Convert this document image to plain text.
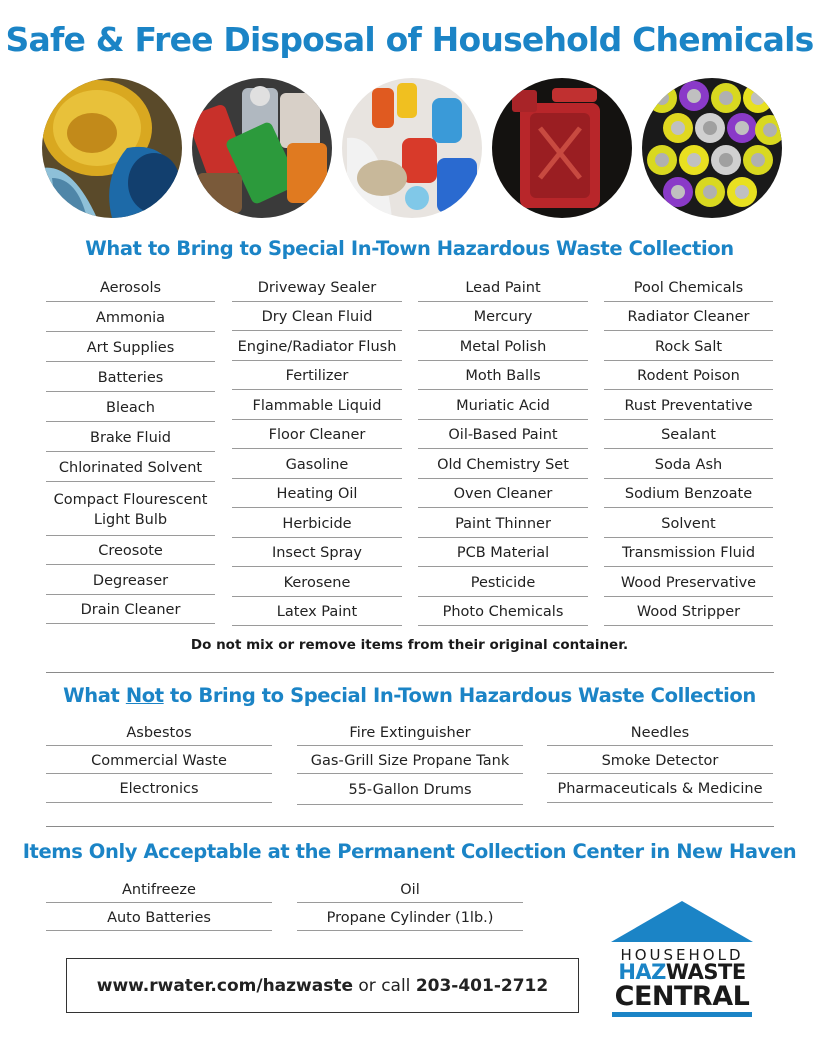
Safe & Free Disposal of Household Chemicals
What to Bring to Special In-Town Hazardous Waste Collection
Aerosols
Ammonia
Art Supplies
Batteries
Bleach
Brake Fluid
Chlorinated Solvent
Compact Flourescent Light Bulb
Creosote
Degreaser
Drain Cleaner
Driveway Sealer
Dry Clean Fluid
Engine/Radiator Flush
Fertilizer
Flammable Liquid
Floor Cleaner
Gasoline
Heating Oil
Herbicide
Insect Spray
Kerosene
Latex Paint
Lead Paint
Mercury
Metal Polish
Moth Balls
Muriatic Acid
Oil-Based Paint
Old Chemistry Set
Oven Cleaner
Paint Thinner
PCB Material
Pesticide
Photo Chemicals
Pool Chemicals
Radiator Cleaner
Rock Salt
Rodent Poison
Rust Preventative
Sealant
Soda Ash
Sodium Benzoate
Solvent
Transmission Fluid
Wood Preservative
Wood Stripper

Do not mix or remove items from their original container.

What Not to Bring to Special In-Town Hazardous Waste Collection
Asbestos
Commercial Waste
Electronics
Fire Extinguisher
Gas-Grill Size Propane Tank
55-Gallon Drums
Needles
Smoke Detector
Pharmaceuticals & Medicine
Items Only Acceptable at the Permanent Collection Center in New Haven
Antifreeze
Auto Batteries
Oil
Propane Cylinder (1lb.)
www.rwater.com/hazwaste or call 203-401-2712
HOUSEHOLD
HAZWASTE
CENTRAL
